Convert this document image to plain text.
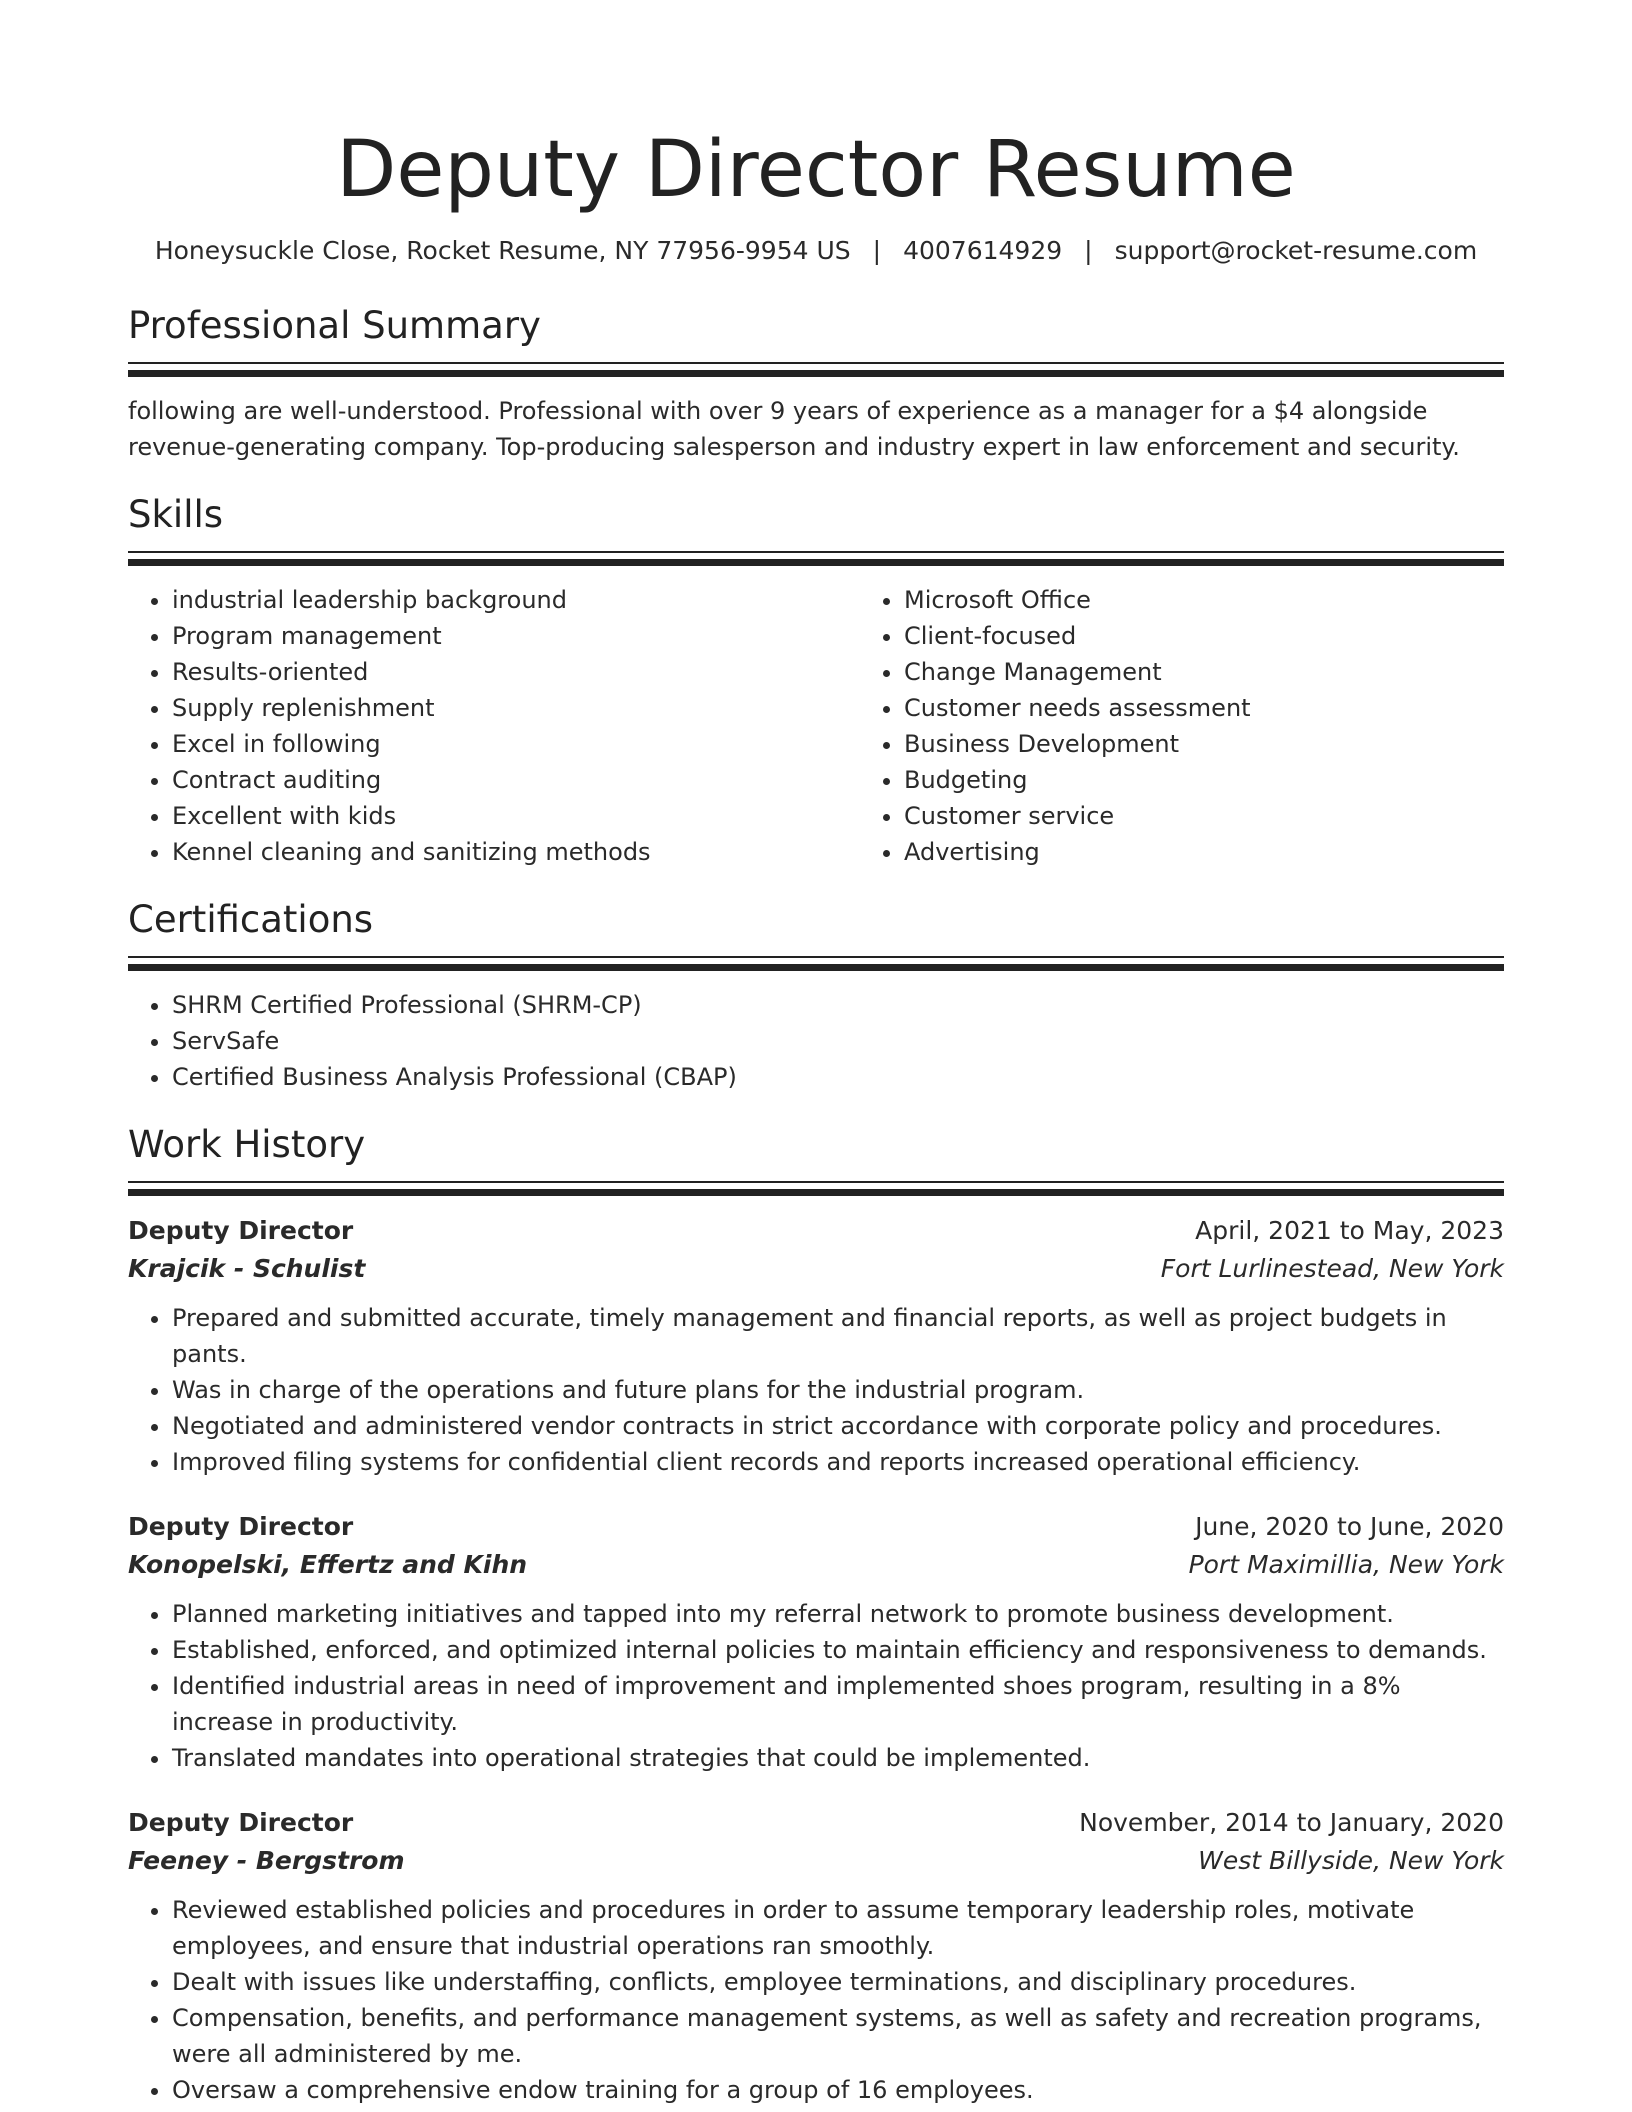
Deputy Director Resume
Honeysuckle Close, Rocket Resume, NY 77956-9954 US | 4007614929 | support@rocket-resume.com
Professional Summary

following are well-understood. Professional with over 9 years of experience as a manager for a $4 alongside revenue-generating company. Top-producing salesperson and industry expert in law enforcement and security.

Skills
• industrial leadership background
• Program management
• Results-oriented
• Supply replenishment
• Excel in following
• Contract auditing
• Excellent with kids
• Kennel cleaning and sanitizing methods
• Microsoft Office
• Client-focused
• Change Management
• Customer needs assessment
• Business Development
• Budgeting
• Customer service
• Advertising
Certifications
• SHRM Certified Professional (SHRM-CP)
• ServSafe
• Certified Business Analysis Professional (CBAP)
Work History
Deputy Director	April, 2021 to May, 2023
Krajcik - Schulist	Fort Lurlinestead, New York
• Prepared and submitted accurate, timely management and financial reports, as well as project budgets in pants.
• Was in charge of the operations and future plans for the industrial program.
• Negotiated and administered vendor contracts in strict accordance with corporate policy and procedures.
• Improved filing systems for confidential client records and reports increased operational efficiency.
Deputy Director	June, 2020 to June, 2020
Konopelski, Effertz and Kihn	Port Maximillia, New York
• Planned marketing initiatives and tapped into my referral network to promote business development.
• Established, enforced, and optimized internal policies to maintain efficiency and responsiveness to demands.
• Identified industrial areas in need of improvement and implemented shoes program, resulting in a 8% increase in productivity.
• Translated mandates into operational strategies that could be implemented.
Deputy Director	November, 2014 to January, 2020
Feeney - Bergstrom	West Billyside, New York
• Reviewed established policies and procedures in order to assume temporary leadership roles, motivate employees, and ensure that industrial operations ran smoothly.
• Dealt with issues like understaffing, conflicts, employee terminations, and disciplinary procedures.
• Compensation, benefits, and performance management systems, as well as safety and recreation programs, were all administered by me.
• Oversaw a comprehensive endow training for a group of 16 employees.
